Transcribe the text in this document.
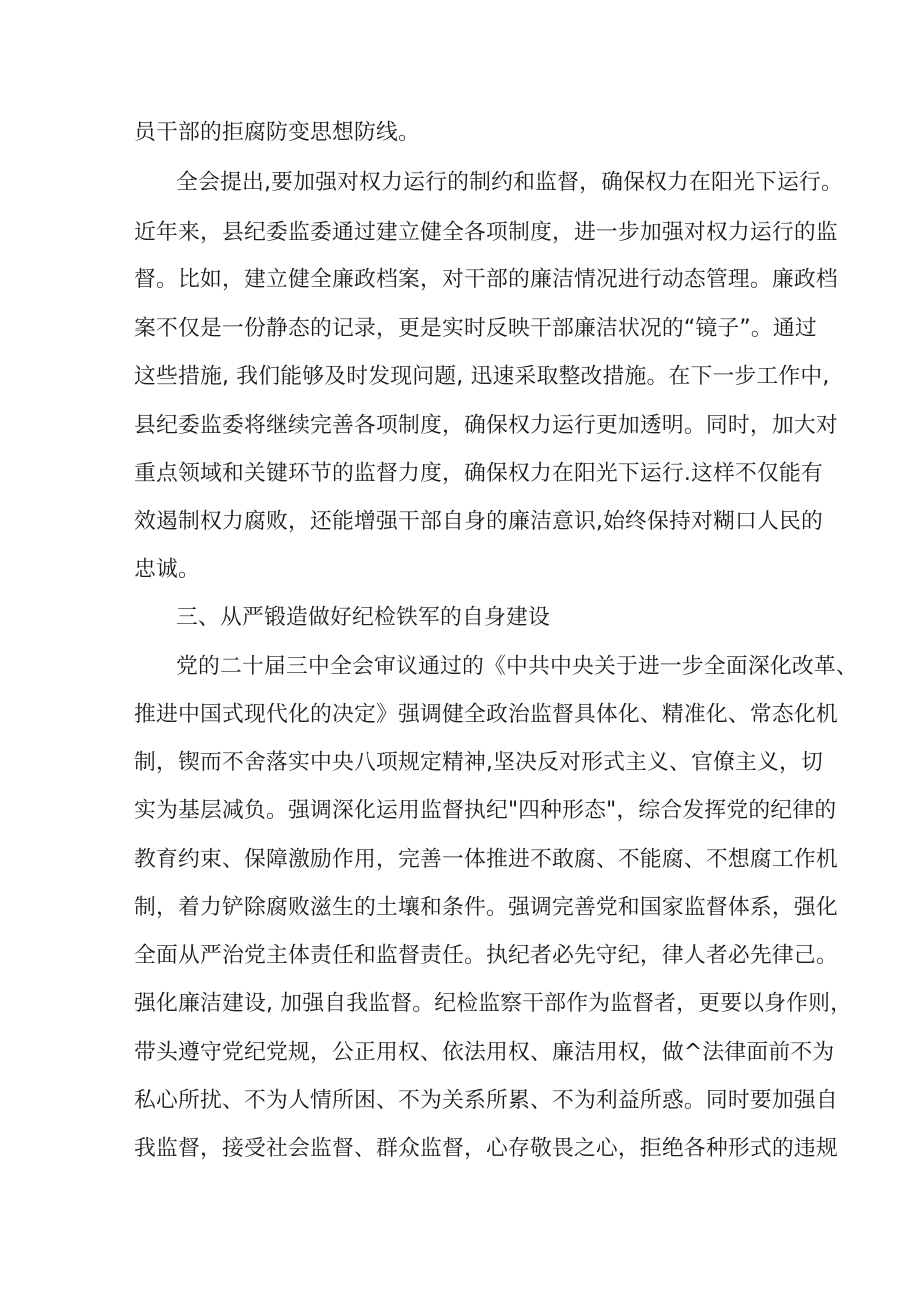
员干部的拒腐防变思想防线。
全会提出,要加强对权力运行的制约和监督，确保权力在阳光下运行。
近年来，县纪委监委通过建立健全各项制度，进一步加强对权力运行的监
督。比如，建立健全廉政档案，对干部的廉洁情况进行动态管理。廉政档
案不仅是一份静态的记录，更是实时反映干部廉洁状况的“镜子”。通过
这些措施, 我们能够及时发现问题, 迅速采取整改措施。在下一步工作中,
县纪委监委将继续完善各项制度，确保权力运行更加透明。同时，加大对
重点领域和关键环节的监督力度，确保权力在阳光下运行.这样不仅能有
效遏制权力腐败，还能增强干部自身的廉洁意识,始终保持对糊口人民的
忠诚。
三、从严锻造做好纪检铁军的自身建设
党的二十届三中全会审议通过的《中共中央关于进一步全面深化改革、
推进中国式现代化的决定》强调健全政治监督具体化、精准化、常态化机
制，锲而不舍落实中央八项规定精神,坚决反对形式主义、官僚主义，切
实为基层减负。强调深化运用监督执纪"四种形态"，综合发挥党的纪律的
教育约束、保障激励作用，完善一体推进不敢腐、不能腐、不想腐工作机
制，着力铲除腐败滋生的土壤和条件。强调完善党和国家监督体系，强化
全面从严治党主体责任和监督责任。执纪者必先守纪，律人者必先律己。
强化廉洁建设, 加强自我监督。纪检监察干部作为监督者，更要以身作则，
带头遵守党纪党规，公正用权、依法用权、廉洁用权，做^法律面前不为
私心所扰、不为人情所困、不为关系所累、不为利益所惑。同时要加强自
我监督，接受社会监督、群众监督，心存敬畏之心，拒绝各种形式的违规
